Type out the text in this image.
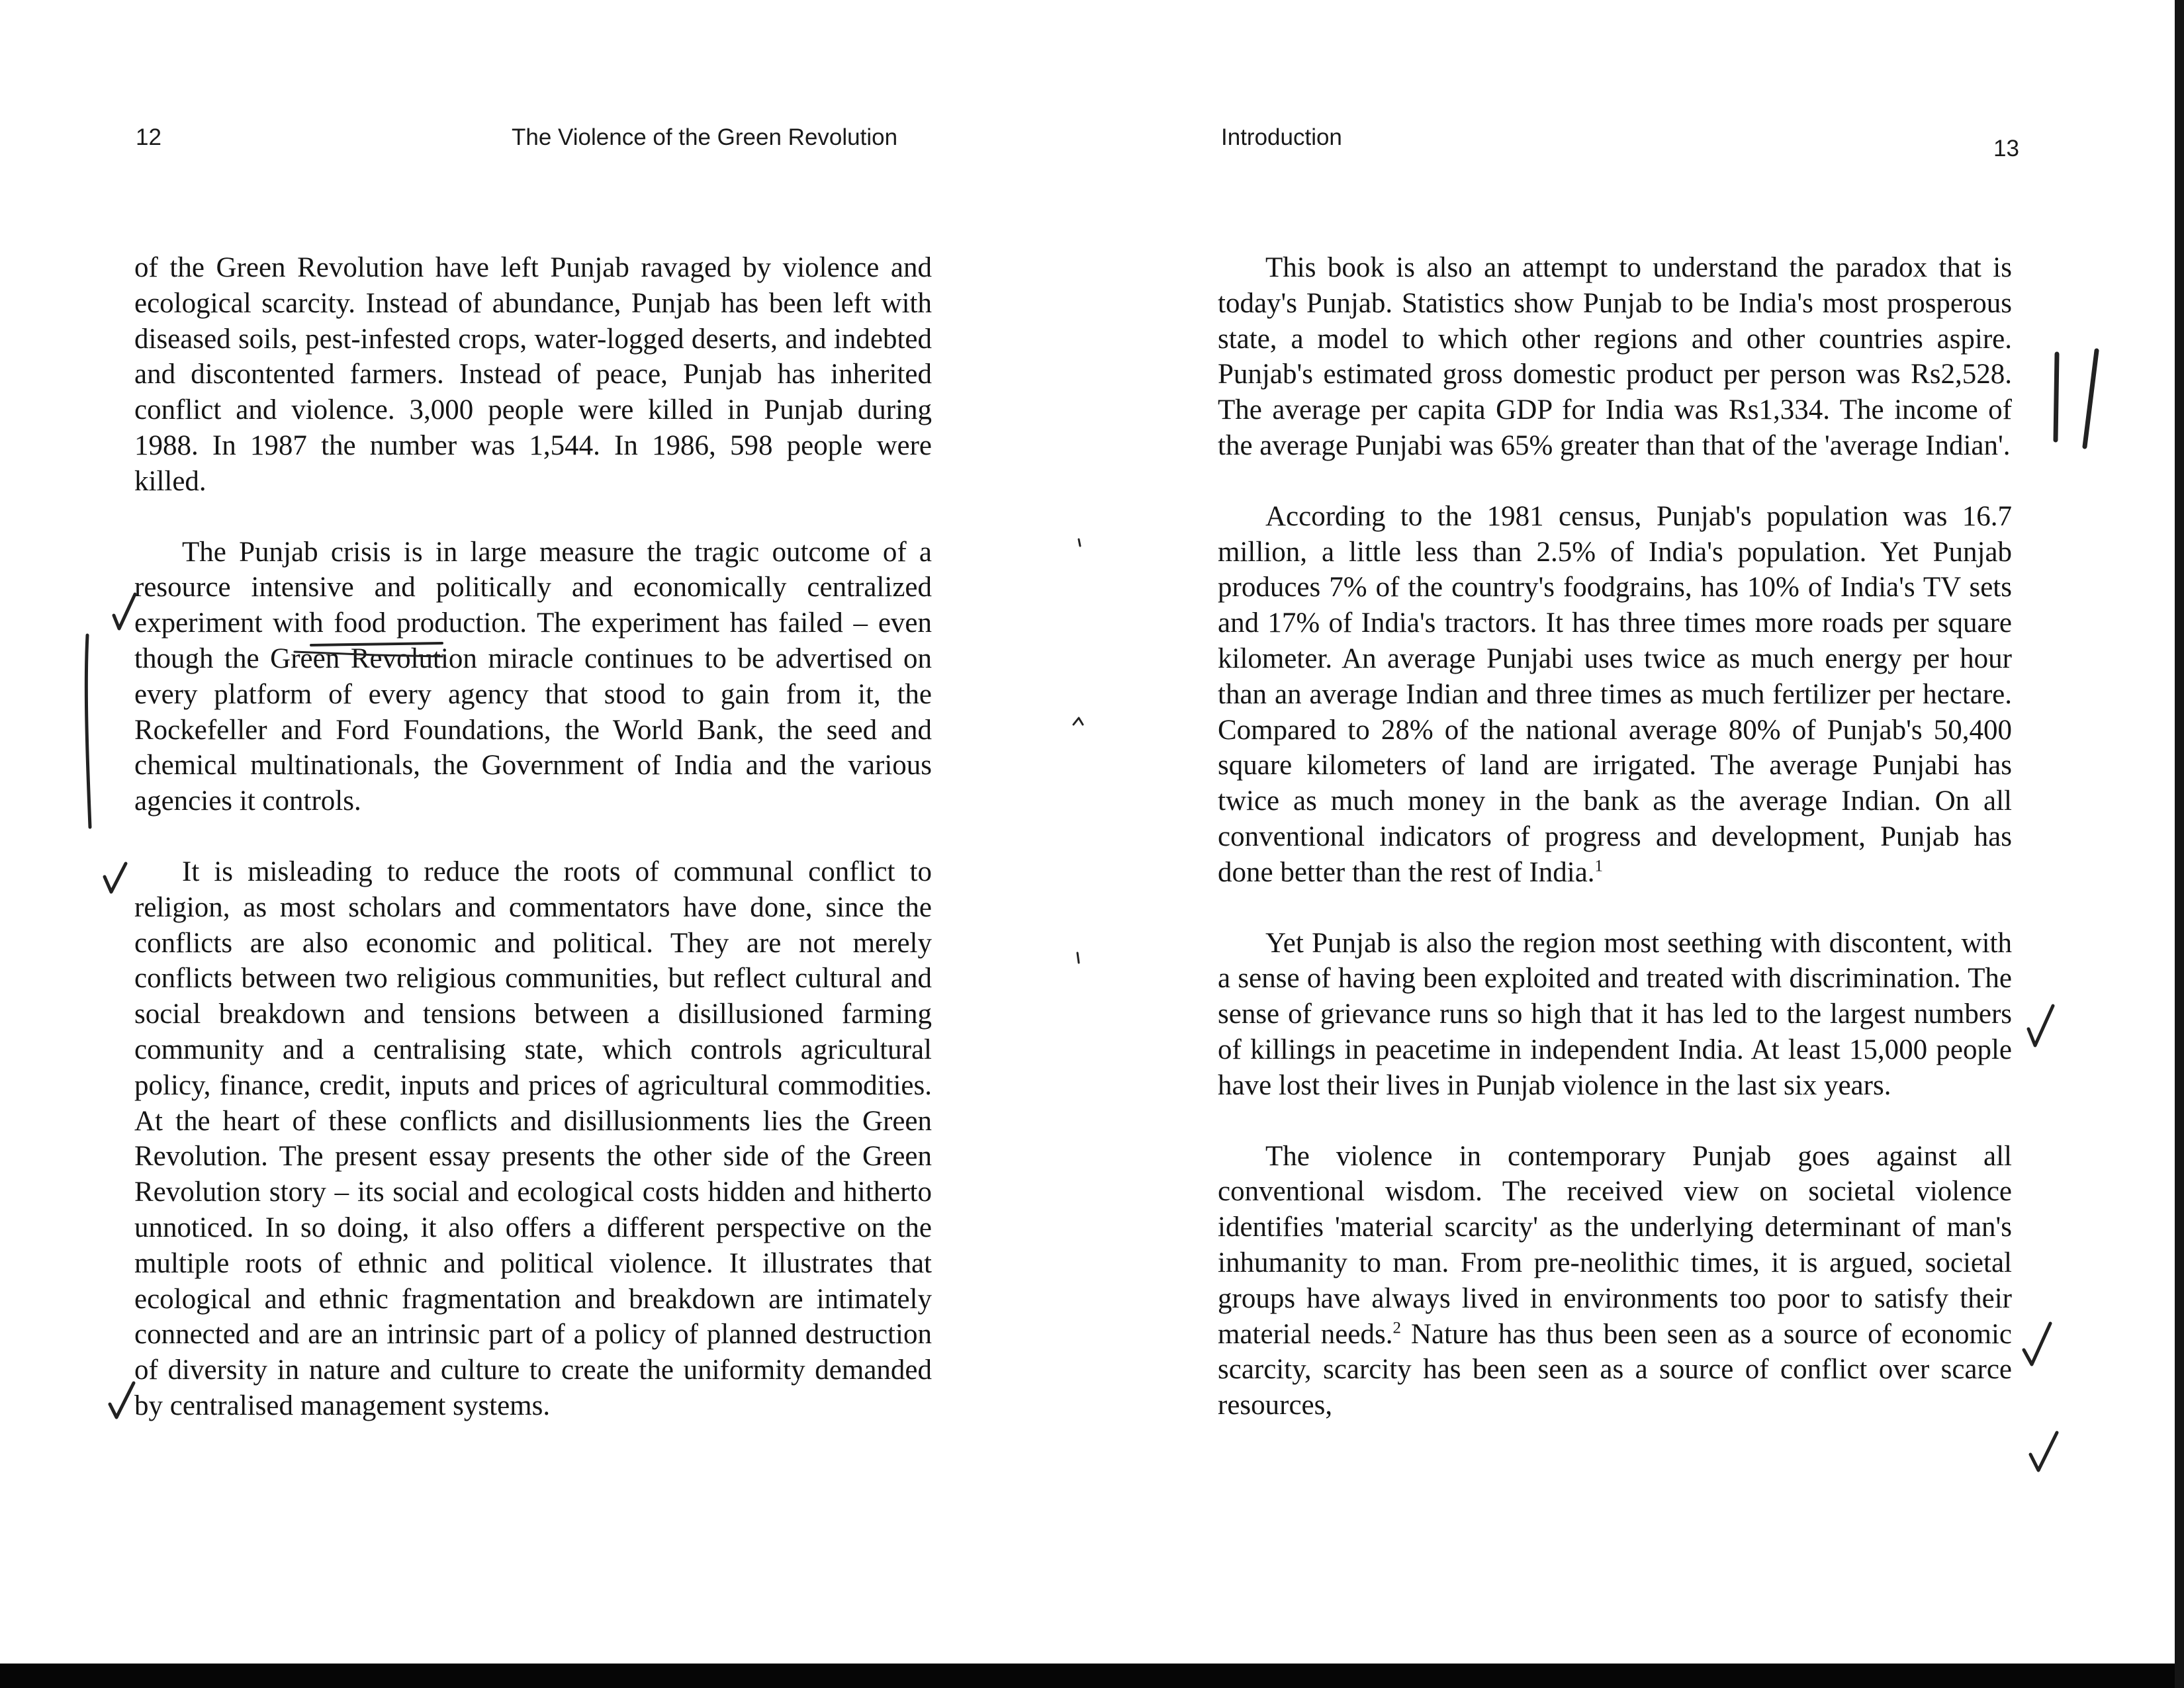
12	The Violence of the Green Revolution

of the Green Revolution have left Punjab ravaged by violence and ecological scarcity. Instead of abundance, Punjab has been left with diseased soils, pest-infested crops, water-logged deserts, and indebted and discontented farmers. Instead of peace, Punjab has inherited conflict and violence. 3,000 people were killed in Punjab during 1988. In 1987 the number was 1,544. In 1986, 598 people were killed.

The Punjab crisis is in large measure the tragic outcome of a resource intensive and politically and economically centralized experiment with food production. The experiment has failed – even though the Green Revolution miracle continues to be advertised on every platform of every agency that stood to gain from it, the Rockefeller and Ford Foundations, the World Bank, the seed and chemical multinationals, the Government of India and the various agencies it controls.

It is misleading to reduce the roots of communal conflict to religion, as most scholars and commentators have done, since the conflicts are also economic and political. They are not merely conflicts between two religious communities, but reflect cultural and social breakdown and tensions between a disillusioned farming community and a centralising state, which controls agricultural policy, finance, credit, inputs and prices of agricultural commodities. At the heart of these conflicts and disillusionments lies the Green Revolution. The present essay presents the other side of the Green Revolution story – its social and ecological costs hidden and hitherto unnoticed. In so doing, it also offers a different perspective on the multiple roots of ethnic and political violence. It illustrates that ecological and ethnic fragmentation and breakdown are intimately connected and are an intrinsic part of a policy of planned destruction of diversity in nature and culture to create the uniformity demanded by centralised management systems.

Introduction	13

This book is also an attempt to understand the paradox that is today's Punjab. Statistics show Punjab to be India's most prosperous state, a model to which other regions and other countries aspire. Punjab's estimated gross domestic product per person was Rs2,528. The average per capita GDP for India was Rs1,334. The income of the average Punjabi was 65% greater than that of the 'average Indian'.

According to the 1981 census, Punjab's population was 16.7 million, a little less than 2.5% of India's population. Yet Punjab produces 7% of the country's foodgrains, has 10% of India's TV sets and 17% of India's tractors. It has three times more roads per square kilometer. An average Punjabi uses twice as much energy per hour than an average Indian and three times as much fertilizer per hectare. Compared to 28% of the national average 80% of Punjab's 50,400 square kilometers of land are irrigated. The average Punjabi has twice as much money in the bank as the average Indian. On all conventional indicators of progress and development, Punjab has done better than the rest of India.$^1$

Yet Punjab is also the region most seething with discontent, with a sense of having been exploited and treated with discrimination. The sense of grievance runs so high that it has led to the largest numbers of killings in peacetime in independent India. At least 15,000 people have lost their lives in Punjab violence in the last six years.

The violence in contemporary Punjab goes against all conventional wisdom. The received view on societal violence identifies 'material scarcity' as the underlying determinant of man's inhumanity to man. From pre-neolithic times, it is argued, societal groups have always lived in environments too poor to satisfy their material needs.$^2$ Nature has thus been seen as a source of economic scarcity, scarcity has been seen as a source of conflict over scarce resources,
